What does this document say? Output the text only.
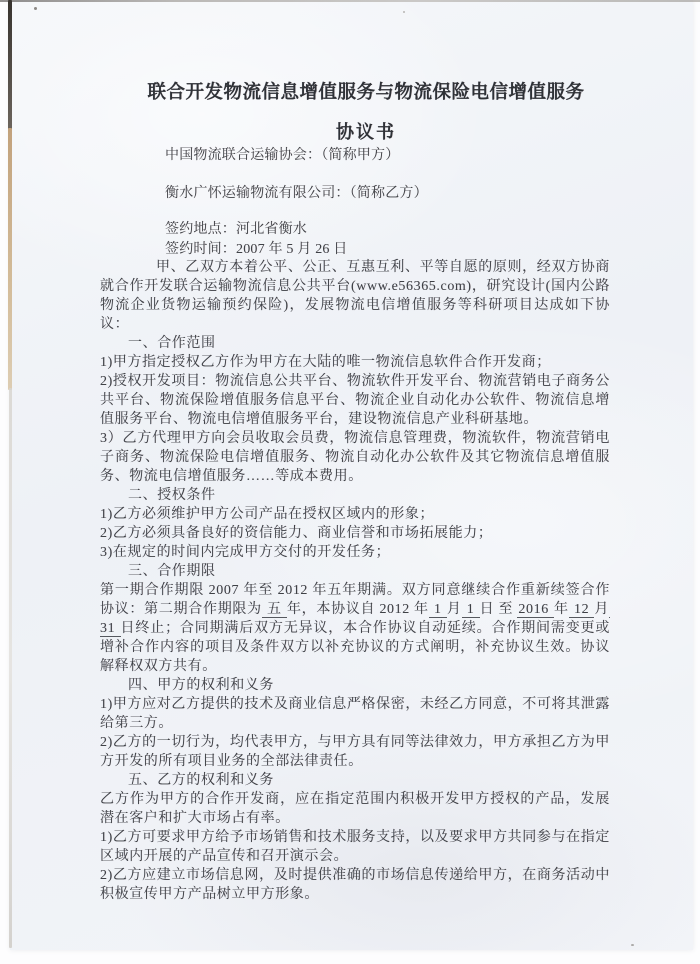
联合开发物流信息增值服务与物流保险电信增值服务
协议书
中国物流联合运输协会：（简称甲方）
衡水广怀运输物流有限公司：（简称乙方）
签约地点：河北省衡水
签约时间：2007 年 5 月 26 日

甲、乙双方本着公平、公正、互惠互利、平等自愿的原则，经双方协商就合作开发联合运输物流信息公共平台(www.e56365.com)，研究设计(国内公路物流企业货物运输预约保险)，发展物流电信增值服务等科研项目达成如下协议：

一、合作范围

1)甲方指定授权乙方作为甲方在大陆的唯一物流信息软件合作开发商；

2)授权开发项目：物流信息公共平台、物流软件开发平台、物流营销电子商务公共平台、物流保险增值服务信息平台、物流企业自动化办公软件、物流信息增值服务平台、物流电信增值服务平台，建设物流信息产业科研基地。

3）乙方代理甲方向会员收取会员费，物流信息管理费，物流软件，物流营销电子商务、物流保险电信增值服务、物流自动化办公软件及其它物流信息增值服务、物流电信增值服务……等成本费用。

二、授权条件

1)乙方必须维护甲方公司产品在授权区域内的形象；

2)乙方必须具备良好的资信能力、商业信誉和市场拓展能力；

3)在规定的时间内完成甲方交付的开发任务；

三、合作期限

第一期合作期限 2007 年至 2012 年五年期满。双方同意继续合作重新续签合作协议：第二期合作期限为 五 年，本协议自 2012 年 1 月 1 日 至 2016 年 12 月 31 日终止；合同期满后双方无异议，本合作协议自动延续。合作期间需变更或增补合作内容的项目及条件双方以补充协议的方式阐明，补充协议生效。协议解释权双方共有。

四、甲方的权利和义务

1)甲方应对乙方提供的技术及商业信息严格保密，未经乙方同意，不可将其泄露给第三方。

2)乙方的一切行为，均代表甲方，与甲方具有同等法律效力，甲方承担乙方为甲方开发的所有项目业务的全部法律责任。

五、乙方的权利和义务

乙方作为甲方的合作开发商，应在指定范围内积极开发甲方授权的产品，发展潜在客户和扩大市场占有率。

1)乙方可要求甲方给予市场销售和技术服务支持，以及要求甲方共同参与在指定区域内开展的产品宣传和召开演示会。

2)乙方应建立市场信息网，及时提供准确的市场信息传递给甲方，在商务活动中积极宣传甲方产品树立甲方形象。
